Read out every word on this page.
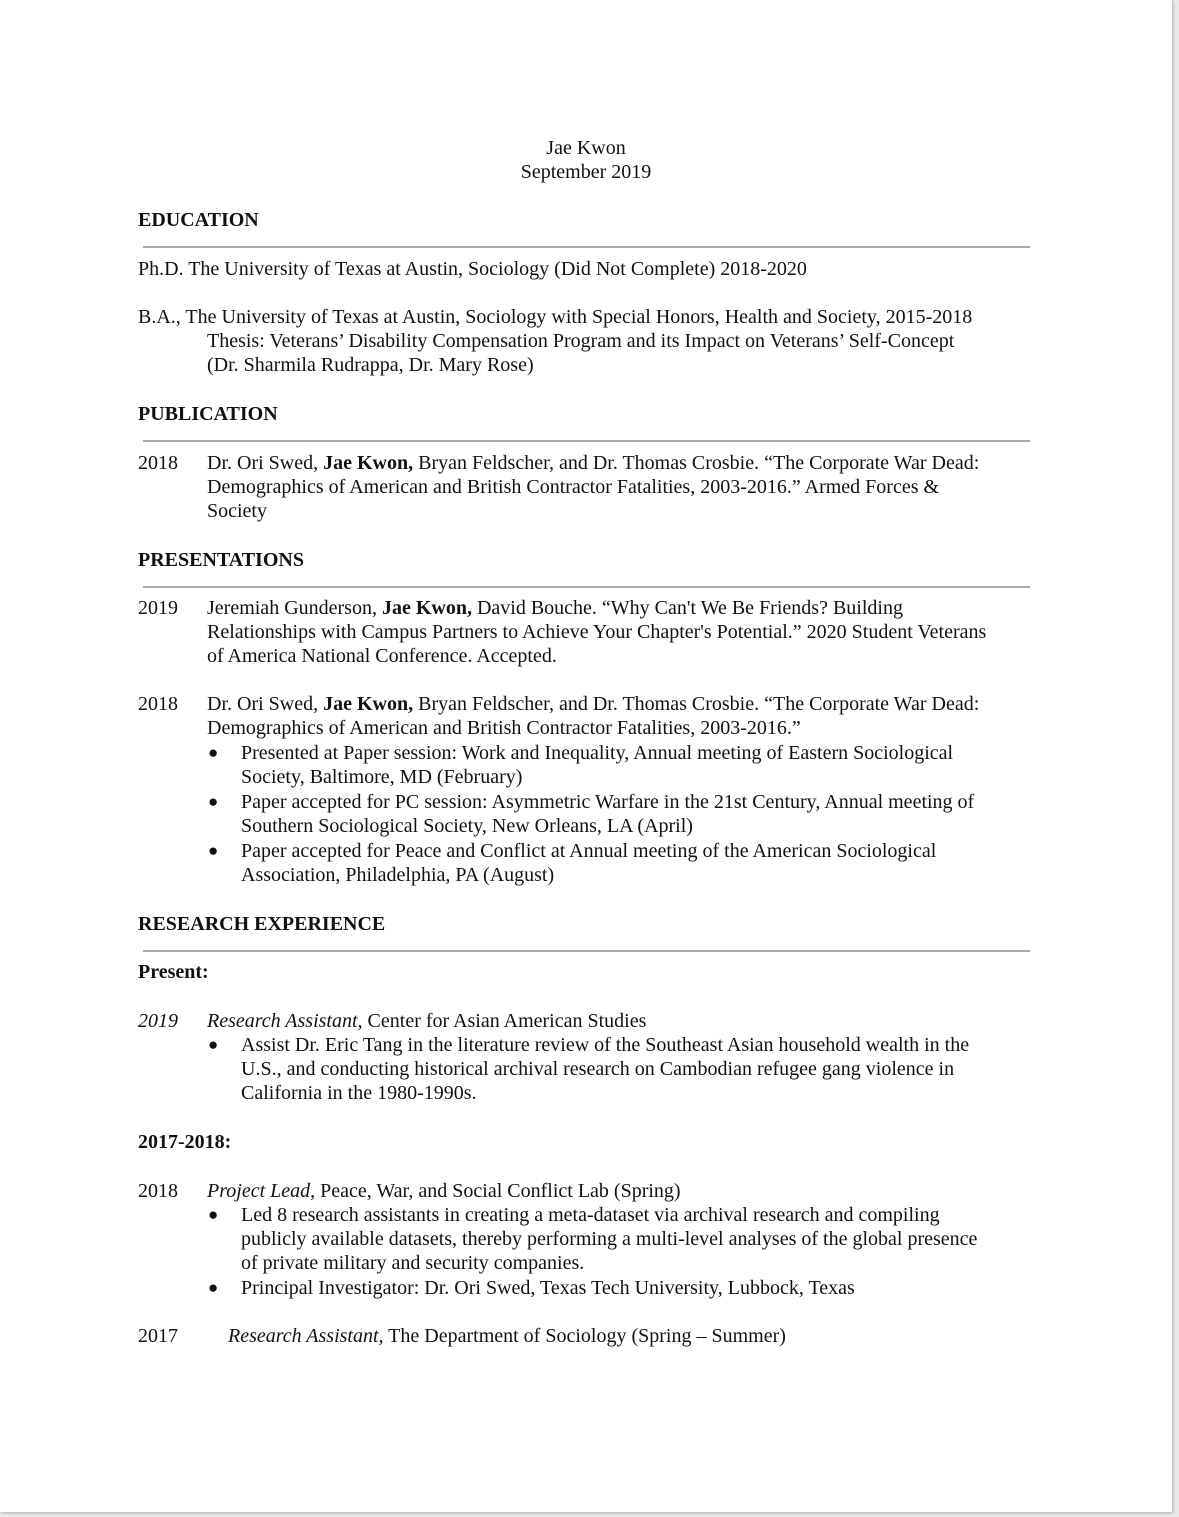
Jae Kwon
September 2019
EDUCATION
Ph.D. The University of Texas at Austin, Sociology (Did Not Complete) 2018-2020
B.A., The University of Texas at Austin, Sociology with Special Honors, Health and Society, 2015-2018
Thesis: Veterans’ Disability Compensation Program and its Impact on Veterans’ Self-Concept
(Dr. Sharmila Rudrappa, Dr. Mary Rose)
PUBLICATION
2018 Dr. Ori Swed, Jae Kwon, Bryan Feldscher, and Dr. Thomas Crosbie. “The Corporate War Dead:
Demographics of American and British Contractor Fatalities, 2003-2016.” Armed Forces &
Society
PRESENTATIONS
2019 Jeremiah Gunderson, Jae Kwon, David Bouche. “Why Can't We Be Friends? Building
Relationships with Campus Partners to Achieve Your Chapter's Potential.” 2020 Student Veterans
of America National Conference. Accepted.
2018 Dr. Ori Swed, Jae Kwon, Bryan Feldscher, and Dr. Thomas Crosbie. “The Corporate War Dead:
Demographics of American and British Contractor Fatalities, 2003-2016.”
● Presented at Paper session: Work and Inequality, Annual meeting of Eastern Sociological
Society, Baltimore, MD (February)
● Paper accepted for PC session: Asymmetric Warfare in the 21st Century, Annual meeting of
Southern Sociological Society, New Orleans, LA (April)
● Paper accepted for Peace and Conflict at Annual meeting of the American Sociological
Association, Philadelphia, PA (August)
RESEARCH EXPERIENCE
Present:
2019 Research Assistant, Center for Asian American Studies
● Assist Dr. Eric Tang in the literature review of the Southeast Asian household wealth in the
U.S., and conducting historical archival research on Cambodian refugee gang violence in
California in the 1980-1990s.
2017-2018:
2018 Project Lead, Peace, War, and Social Conflict Lab (Spring)
● Led 8 research assistants in creating a meta-dataset via archival research and compiling
publicly available datasets, thereby performing a multi-level analyses of the global presence
of private military and security companies.
● Principal Investigator: Dr. Ori Swed, Texas Tech University, Lubbock, Texas
2017	Research Assistant, The Department of Sociology (Spring – Summer)
